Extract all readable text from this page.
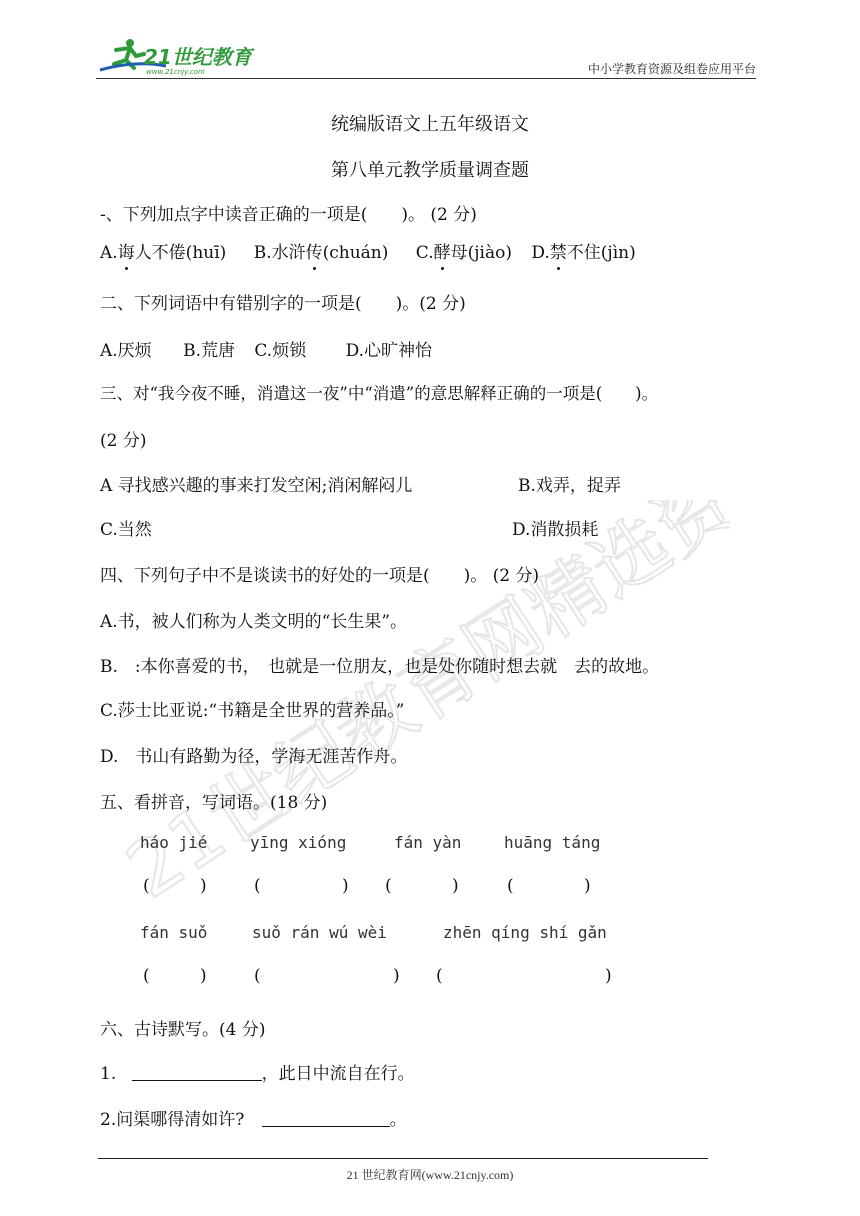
21世纪教育
www.21cnjy.com	中小学教育资源及组卷应用平台
21世纪教育网精选资料
统编版语文上五年级语文
第八单元教学质量调查题
-、下列加点字中读音正确的一项是(　　)。 (2 分)
A.诲人不倦(huī) B.水浒传(chuán) C.酵母(jiào) D.禁不住(jìn)
二、下列词语中有错别字的一项是(　　)。(2 分)
A.厌烦 B.荒唐 C.烦锁 D.心旷神怡
三、对“我今夜不睡，消遣这一夜”中“消遣”的意思解释正确的一项是(　　)。
(2 分)
A 寻找感兴趣的事来打发空闲;消闲解闷儿	B.戏弄，捉弄
C.当然	D.消散损耗
四、下列句子中不是谈读书的好处的一项是(　　)。 (2 分)
A.书，被人们称为人类文明的“长生果”。
B.　:本你喜爱的书，　也就是一位朋友，也是处你随时想去就　去的故地。
C.莎士比亚说:“书籍是全世界的营养品。”
D.　书山有路勤为径，学海无涯苦作舟。
五、看拼音，写词语。(18 分)
háo jié	yīng xióng	fán yàn	huāng táng
(	)	(	) (	)	(	)
fán suǒ	suǒ rán wú wèi	zhēn qíng shí gǎn
(	)	(	) (	)
六、古诗默写。(4 分)
1.	，此日中流自在行。
2.问渠哪得清如许?	。
21 世纪教育网(www.21cnjy.com)
